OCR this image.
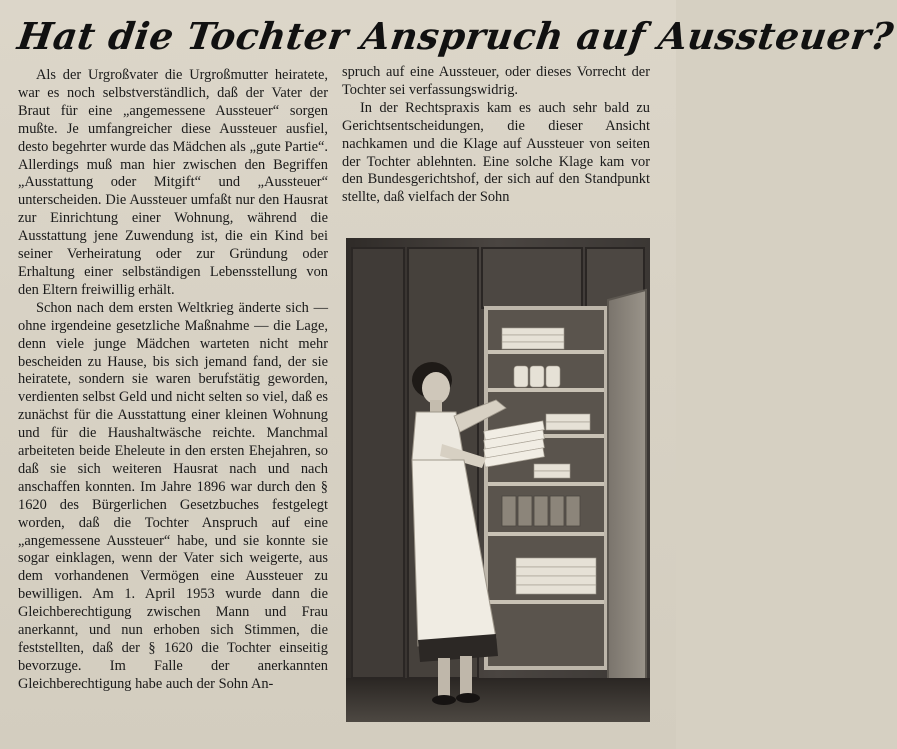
Hat die Tochter Anspruch auf Aussteuer?

Als der Urgroßvater die Urgroßmutter heiratete, war es noch selbstverständlich, daß der Vater der Braut für eine „angemessene Aussteuer“ sorgen mußte. Je umfangreicher diese Aussteuer ausfiel, desto begehrter wurde das Mädchen als „gute Partie“. Allerdings muß man hier zwischen den Begriffen „Ausstattung oder Mitgift“ und „Aussteuer“ unterscheiden. Die Aussteuer umfaßt nur den Hausrat zur Einrichtung einer Wohnung, während die Ausstattung jene Zuwendung ist, die ein Kind bei seiner Verheiratung oder zur Gründung oder Erhaltung einer selbständigen Lebensstellung von den Eltern freiwillig erhält.

Schon nach dem ersten Weltkrieg änderte sich — ohne irgendeine gesetzliche Maßnahme — die Lage, denn viele junge Mädchen warteten nicht mehr bescheiden zu Hause, bis sich jemand fand, der sie heiratete, sondern sie waren berufstätig geworden, verdienten selbst Geld und nicht selten so viel, daß es zunächst für die Ausstattung einer kleinen Wohnung und für die Haushaltwäsche reichte. Manchmal arbeiteten beide Eheleute in den ersten Ehejahren, so daß sie sich weiteren Hausrat nach und nach anschaffen konnten. Im Jahre 1896 war durch den § 1620 des Bürgerlichen Gesetzbuches festgelegt worden, daß die Tochter Anspruch auf eine „angemessene Aussteuer“ habe, und sie konnte sie sogar einklagen, wenn der Vater sich weigerte, aus dem vorhandenen Vermögen eine Aussteuer zu bewilligen. Am 1. April 1953 wurde dann die Gleichberechtigung zwischen Mann und Frau anerkannt, und nun erhoben sich Stimmen, die feststellten, daß der § 1620 die Tochter einseitig bevorzuge. Im Falle der anerkannten Gleichberechtigung habe auch der Sohn An-

spruch auf eine Aussteuer, oder dieses Vorrecht der Tochter sei verfassungswidrig.

In der Rechtspraxis kam es auch sehr bald zu Gerichtsentscheidungen, die dieser Ansicht nachkamen und die Klage auf Aussteuer von seiten der Tochter ablehnten. Eine solche Klage kam vor den Bundesgerichtshof, der sich auf den Standpunkt stellte, daß vielfach der Sohn
